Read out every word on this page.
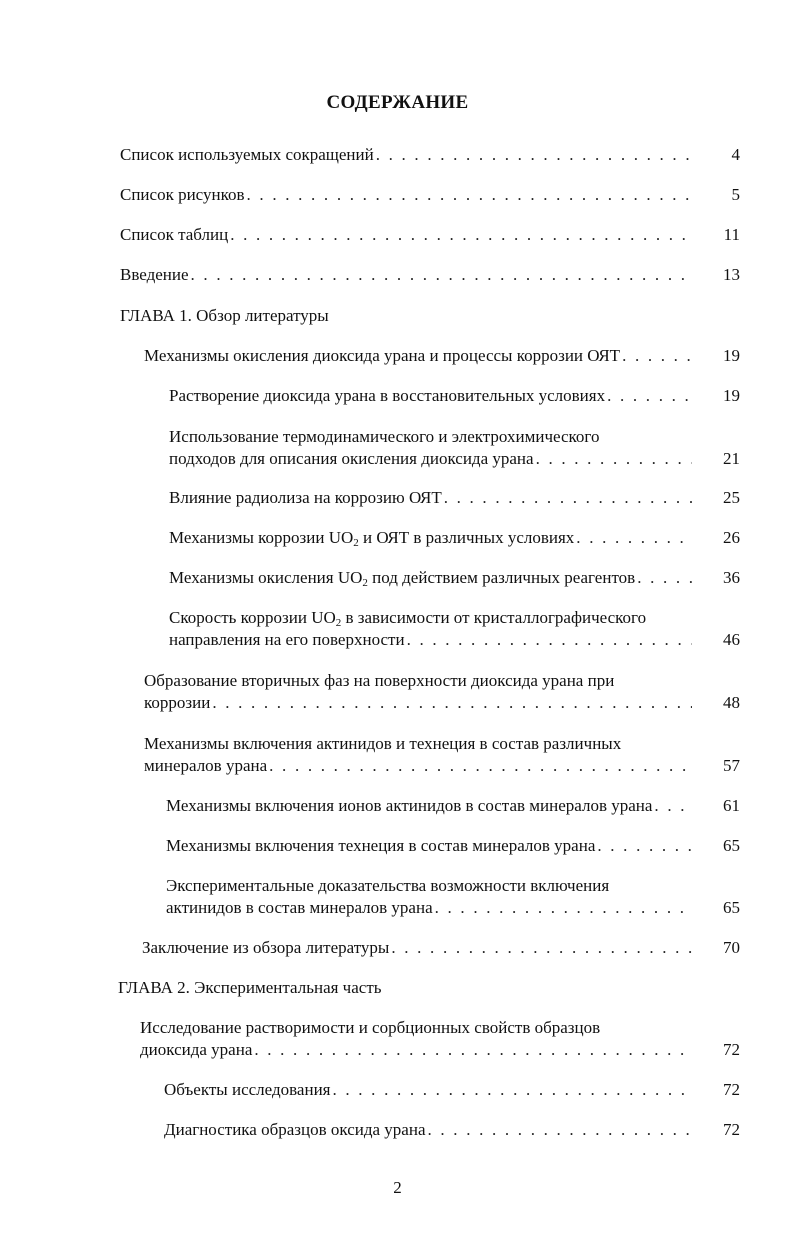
СОДЕРЖАНИЕ
Список используемых сокращений . . .	4
Список рисунков . . .	5
Список таблиц . . .	11
Введение . . .	13
ГЛАВА 1. Обзор литературы
Механизмы окисления диоксида урана и процессы коррозии ОЯТ . . .	19
Растворение диоксида урана в восстановительных условиях . . .	19
Использование термодинамического и электрохимического
подходов для описания окисления диоксида урана . . .	21
Влияние радиолиза на коррозию ОЯТ . . .	25
Механизмы коррозии $UO_2$ и ОЯТ в различных условиях . . .	26
Механизмы окисления $UO_2$ под действием различных реагентов . . .	36
Скорость коррозии $UO_2$ в зависимости от кристаллографического
направления на его поверхности . . .	46
Образование вторичных фаз на поверхности диоксида урана при
коррозии . . .	48
Механизмы включения актинидов и технеция в состав различных
минералов урана . . .	57
Механизмы включения ионов актинидов в состав минералов урана . . .	61
Механизмы включения технеция в состав минералов урана . . .	65
Экспериментальные доказательства возможности включения
актинидов в состав минералов урана . . .	65
Заключение из обзора литературы . . .	70
ГЛАВА 2. Экспериментальная часть
Исследование растворимости и сорбционных свойств образцов
диоксида урана . . .	72
Объекты исследования . . .	72
Диагностика образцов оксида урана . . .	72
2
